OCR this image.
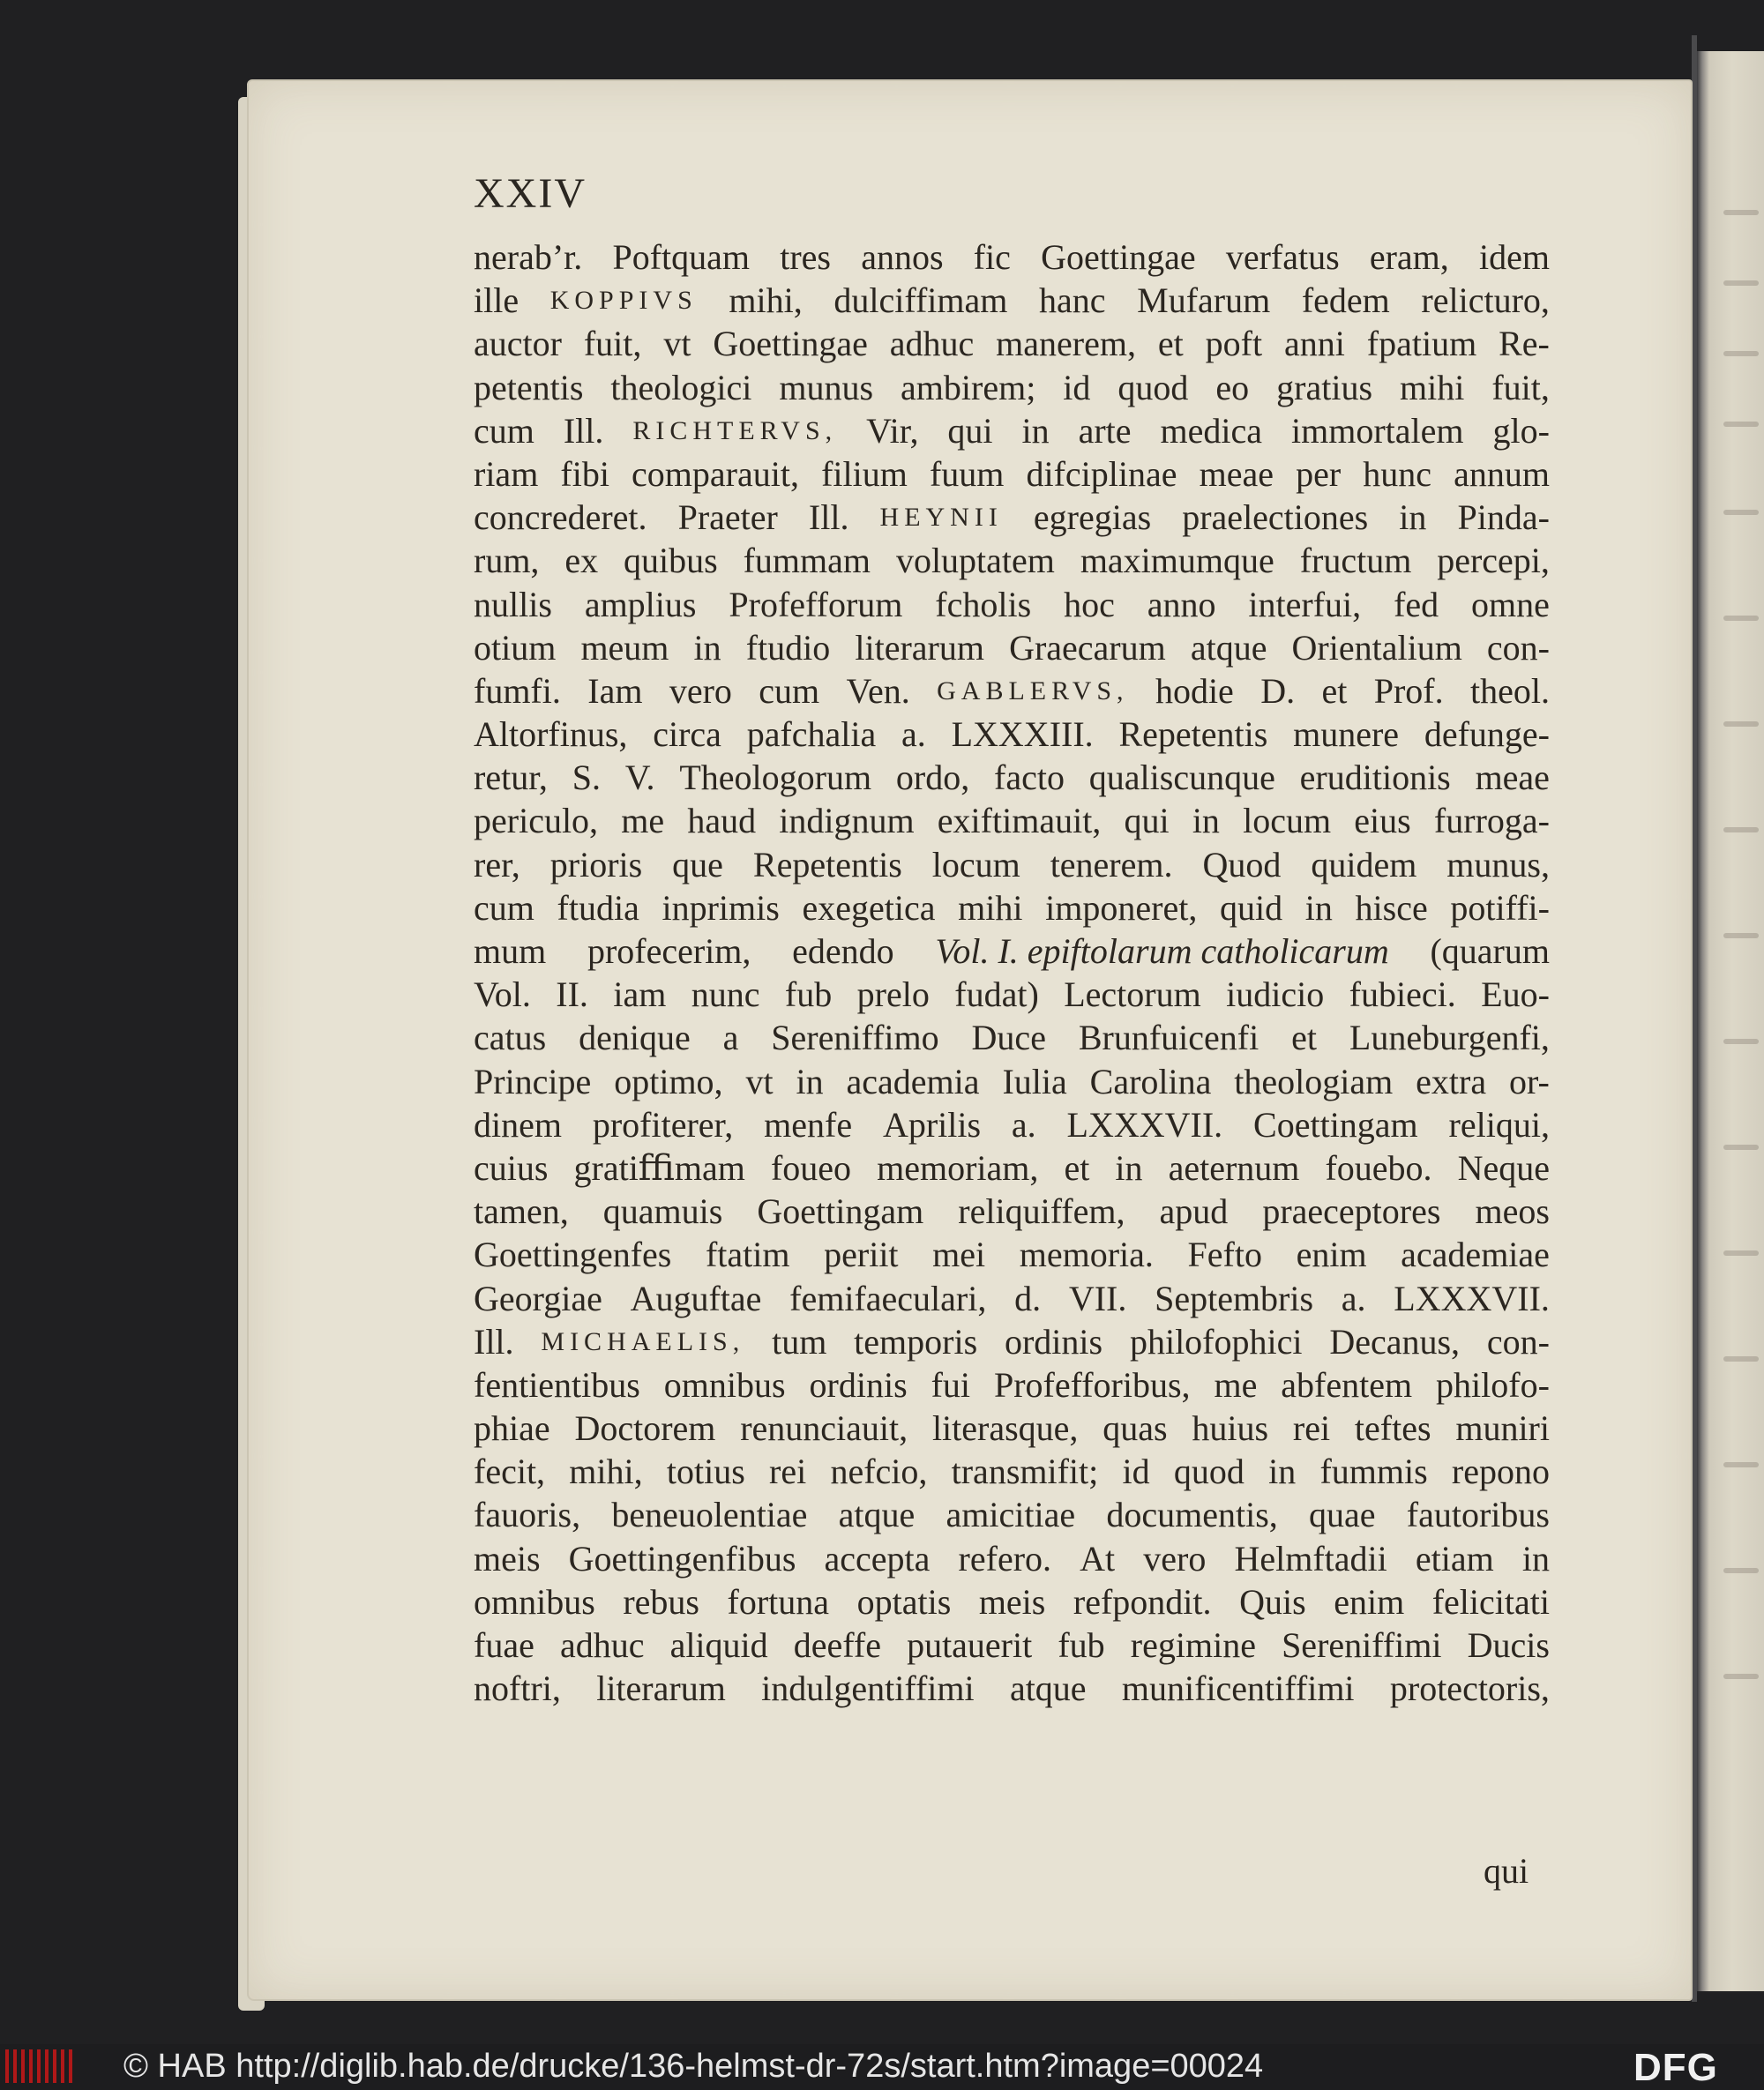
XXIV
nerab’r. Poftquam tres annos fic Goettingae verfatus eram, idem
ille KOPPIVS mihi, dulciffimam hanc Mufarum fedem relicturo,
auctor fuit, vt Goettingae adhuc manerem, et poft anni fpatium Re-
petentis theologici munus ambirem; id quod eo gratius mihi fuit,
cum Ill. RICHTERVS, Vir, qui in arte medica immortalem glo-
riam fibi comparauit, filium fuum difciplinae meae per hunc annum
concrederet. Praeter Ill. HEYNII egregias praelectiones in Pinda-
rum, ex quibus fummam voluptatem maximumque fructum percepi,
nullis amplius Profefforum fcholis hoc anno interfui, fed omne
otium meum in ftudio literarum Graecarum atque Orientalium con-
fumfi. Iam vero cum Ven. GABLERVS, hodie D. et Prof. theol.
Altorfinus, circa pafchalia a. LXXXIII. Repetentis munere defunge-
retur, S. V. Theologorum ordo, facto qualiscunque eruditionis meae
periculo, me haud indignum exiftimauit, qui in locum eius furroga-
rer, prioris que Repetentis locum tenerem. Quod quidem munus,
cum ftudia inprimis exegetica mihi imponeret, quid in hisce potiffi-
mum profecerim, edendo Vol. I. epiftolarum catholicarum (quarum
Vol. II. iam nunc fub prelo fudat) Lectorum iudicio fubieci. Euo-
catus denique a Sereniffimo Duce Brunfuicenfi et Luneburgenfi,
Principe optimo, vt in academia Iulia Carolina theologiam extra or-
dinem profiterer, menfe Aprilis a. LXXXVII. Coettingam reliqui,
cuius gratiﬃmam foueo memoriam, et in aeternum fouebo. Neque
tamen, quamuis Goettingam reliquiffem, apud praeceptores meos
Goettingenfes ftatim periit mei memoria. Fefto enim academiae
Georgiae Auguftae femifaeculari, d. VII. Septembris a. LXXXVII.
Ill. MICHAELIS, tum temporis ordinis philofophici Decanus, con-
fentientibus omnibus ordinis fui Profefforibus, me abfentem philofo-
phiae Doctorem renunciauit, literasque, quas huius rei teftes muniri
fecit, mihi, totius rei nefcio, transmifit; id quod in fummis repono
fauoris, beneuolentiae atque amicitiae documentis, quae fautoribus
meis Goettingenfibus accepta refero. At vero Helmftadii etiam in
omnibus rebus fortuna optatis meis refpondit. Quis enim felicitati
fuae adhuc aliquid deeffe putauerit fub regimine Sereniffimi Ducis
noftri, literarum indulgentiffimi atque munificentiffimi protectoris,
qui
© HAB http://diglib.hab.de/drucke/136-helmst-dr-72s/start.htm?image=00024	DFG
